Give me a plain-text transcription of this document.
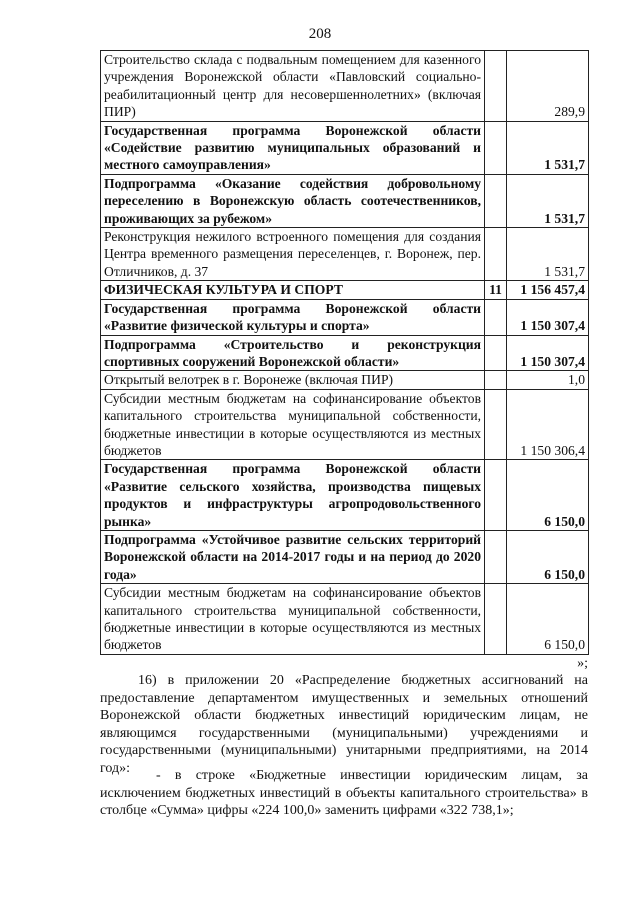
208
Строительство склада с подвальным помещением для казенного учреждения Воронежской области «Павловский социально-реабилитационный центр для несовершеннолетних» (включая ПИР)		289,9
Государственная программа Воронежской области «Содействие развитию муниципальных образований и местного самоуправления»		1 531,7
Подпрограмма «Оказание содействия добровольному переселению в Воронежскую область соотечественников, проживающих за рубежом»		1 531,7
Реконструкция нежилого встроенного помещения для создания Центра временного размещения переселенцев, г. Воронеж, пер. Отличников, д. 37		1 531,7
ФИЗИЧЕСКАЯ КУЛЬТУРА И СПОРТ	11	1 156 457,4
Государственная программа Воронежской области «Развитие физической культуры и спорта»		1 150 307,4
Подпрограмма «Строительство и реконструкция спортивных сооружений Воронежской области»		1 150 307,4
Открытый велотрек в г. Воронеже (включая ПИР)		1,0
Субсидии местным бюджетам на софинансирование объектов капитального строительства муниципальной собственности, бюджетные инвестиции в которые осуществляются из местных бюджетов		1 150 306,4
Государственная программа Воронежской области «Развитие сельского хозяйства, производства пищевых продуктов и инфраструктуры агропродовольственного рынка»		6 150,0
Подпрограмма «Устойчивое развитие сельских территорий Воронежской области на 2014-2017 годы и на период до 2020 года»		6 150,0
Субсидии местным бюджетам на софинансирование объектов капитального строительства муниципальной собственности, бюджетные инвестиции в которые осуществляются из местных бюджетов		6 150,0
»;
16) в приложении 20 «Распределение бюджетных ассигнований на предоставление департаментом имущественных и земельных отношений Воронежской области бюджетных инвестиций юридическим лицам, не являющимся государственными (муниципальными) учреждениями и государственными (муниципальными) унитарными предприятиями, на 2014 год»:	- в строке «Бюджетные инвестиции юридическим лицам, за исключением бюджетных инвестиций в объекты капитального строительства» в столбце «Сумма» цифры «224 100,0» заменить цифрами «322 738,1»;
